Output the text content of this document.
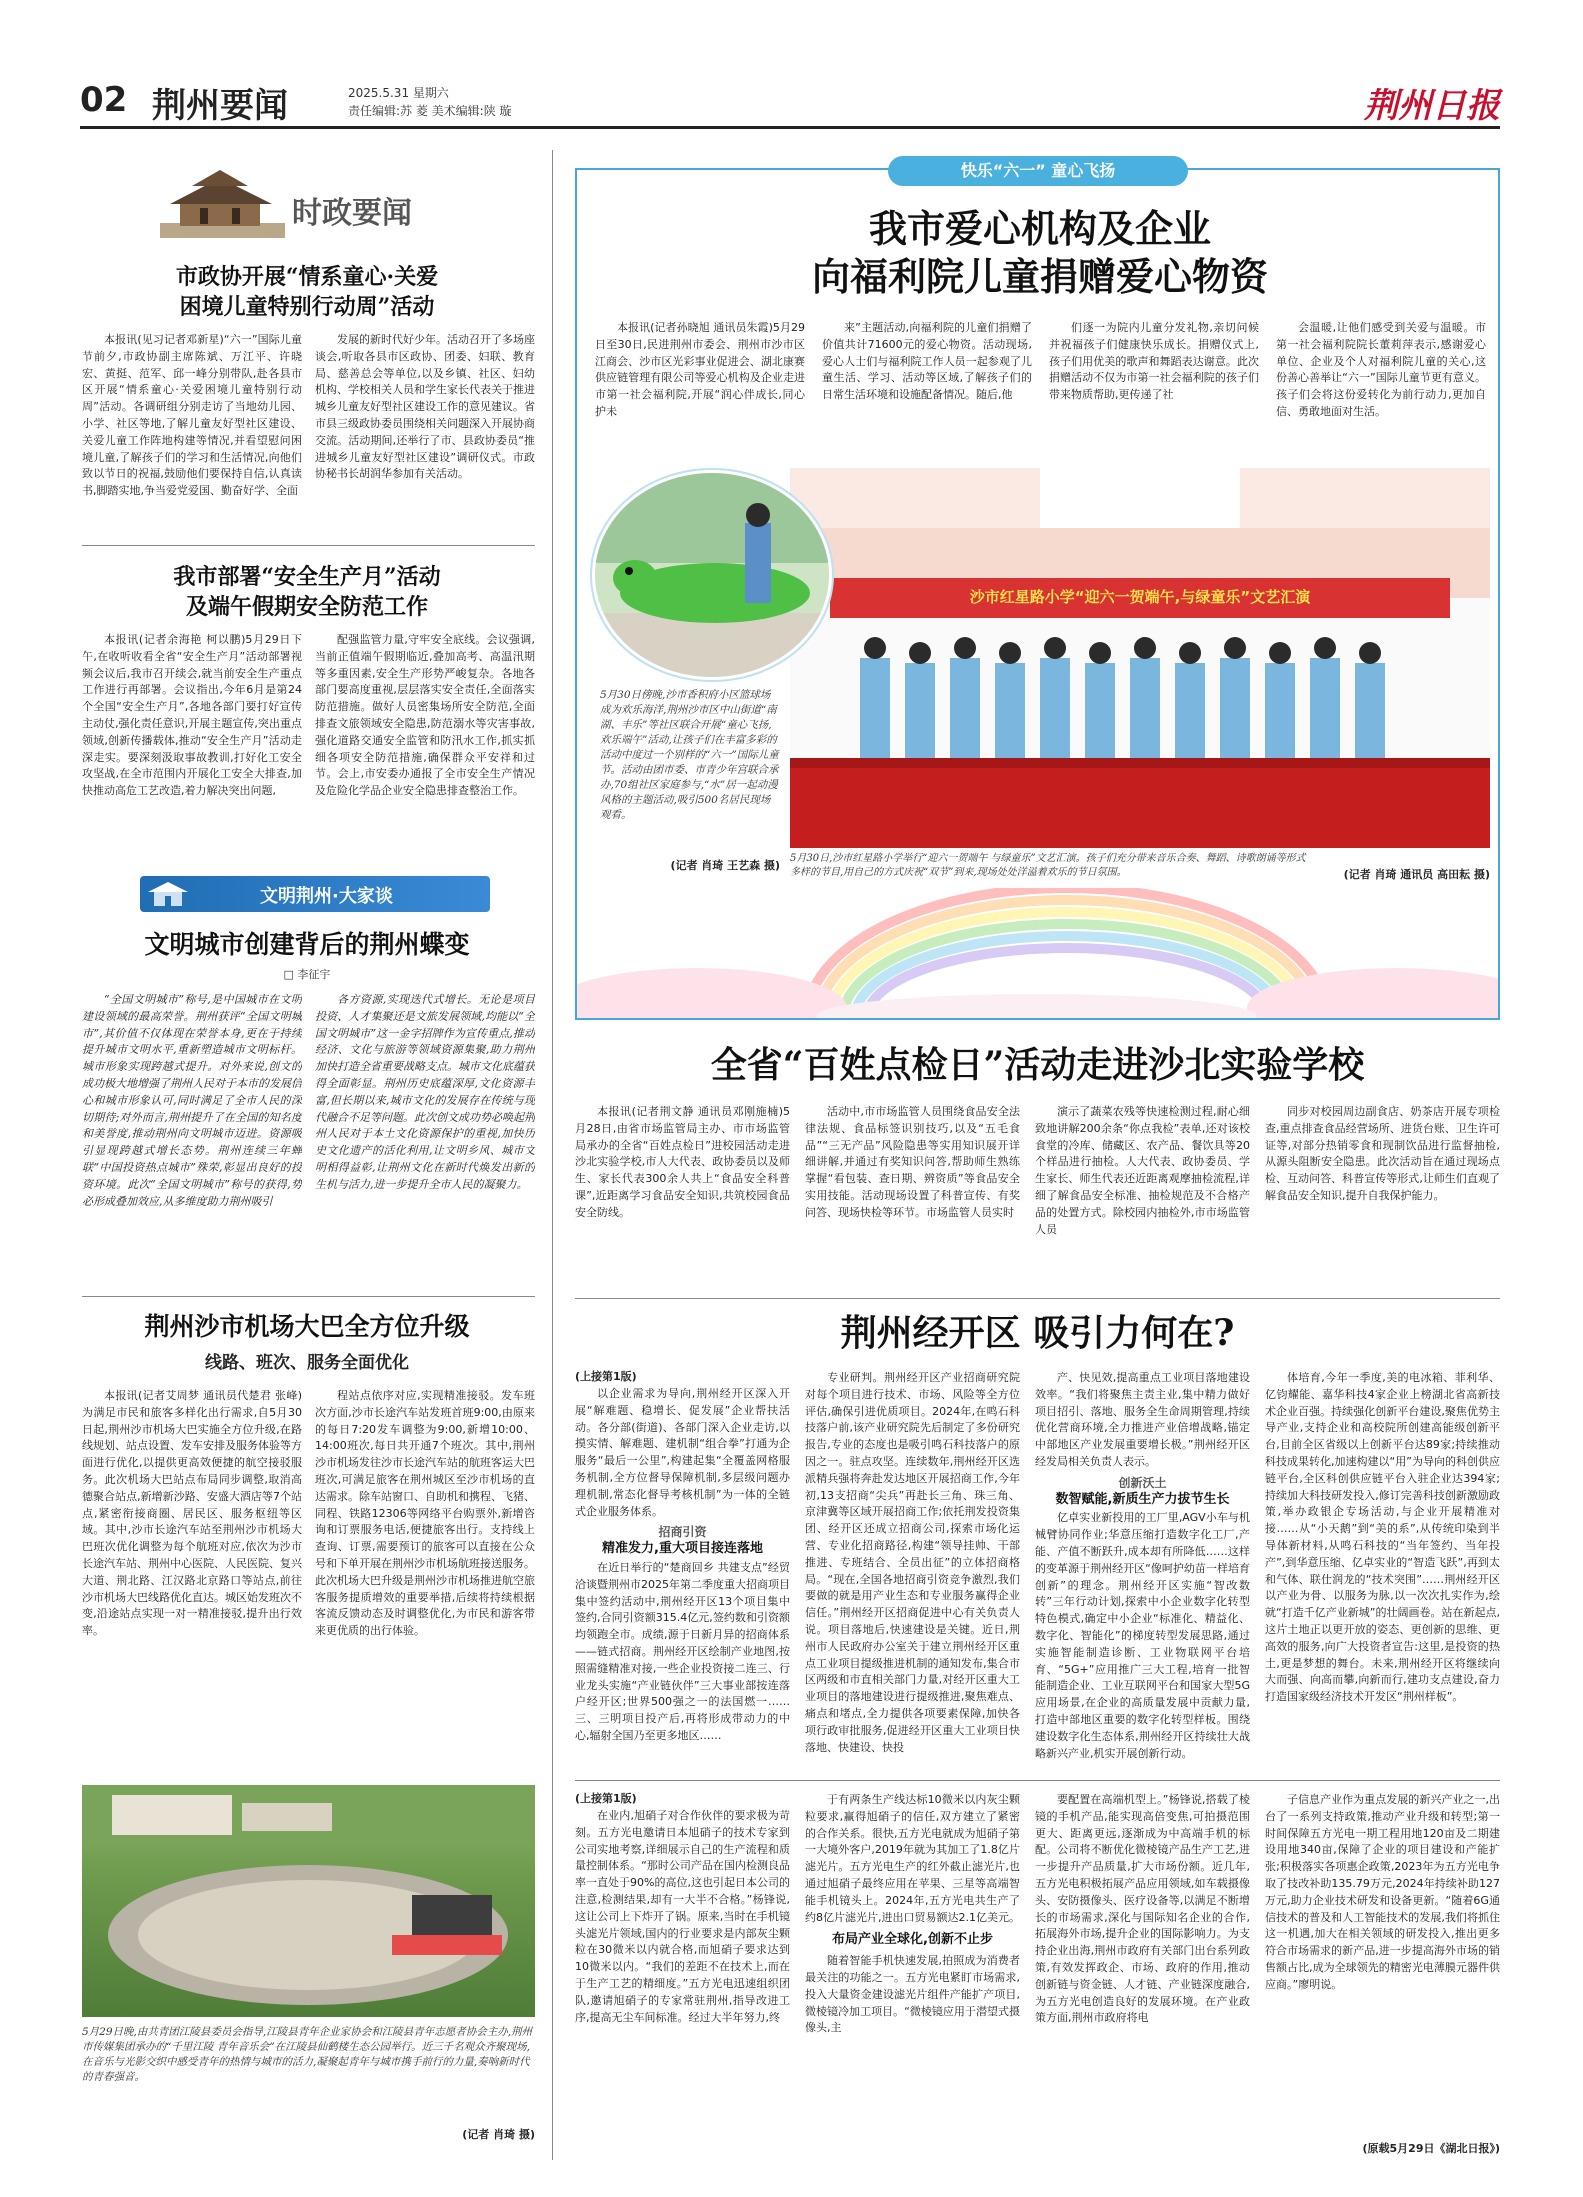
02 荆州要闻	2025.5.31 星期六
责任编辑:苏 菱 美术编辑:陕 璇	荆州日报
时政要闻
市政协开展“情系童心·关爱
困境儿童特别行动周”活动

本报讯(见习记者邓新星)“六一”国际儿童节前夕,市政协副主席陈斌、万江平、许晓宏、黄挺、范军、邱一峰分别带队,赴各县市区开展“情系童心·关爱困境儿童特别行动周”活动。各调研组分别走访了当地幼儿园、小学、社区等地,了解儿童友好型社区建设、关爱儿童工作阵地构建等情况,并看望慰问困境儿童,了解孩子们的学习和生活情况,向他们致以节日的祝福,鼓励他们要保持自信,认真读书,脚踏实地,争当爱党爱国、勤奋好学、全面

发展的新时代好少年。活动召开了多场座谈会,听取各县市区政协、团委、妇联、教育局、慈善总会等单位,以及乡镇、社区、妇幼机构、学校相关人员和学生家长代表关于推进城乡儿童友好型社区建设工作的意见建议。省市县三级政协委员围绕相关问题深入开展协商交流。活动期间,还举行了市、县政协委员“推进城乡儿童友好型社区建设”调研仪式。市政协秘书长胡润华参加有关活动。

我市部署“安全生产月”活动
及端午假期安全防范工作

本报讯(记者余海艳 柯以鹏)5月29日下午,在收听收看全省“安全生产月”活动部署视频会议后,我市召开续会,就当前安全生产重点工作进行再部署。会议指出,今年6月是第24个全国“安全生产月”,各地各部门要打好宣传主动仗,强化责任意识,开展主题宣传,突出重点领域,创新传播载体,推动“安全生产月”活动走深走实。要深刻汲取事故教训,打好化工安全攻坚战,在全市范围内开展化工安全大排查,加快推动高危工艺改造,着力解决突出问题,

配强监管力量,守牢安全底线。会议强调,当前正值端午假期临近,叠加高考、高温汛期等多重因素,安全生产形势严峻复杂。各地各部门要高度重视,层层落实安全责任,全面落实防范措施。做好人员密集场所安全防范,全面排查文旅领域安全隐患,防范溺水等灾害事故,强化道路交通安全监管和防汛水工作,抓实抓细各项安全防范措施,确保群众平安祥和过节。会上,市安委办通报了全市安全生产情况及危险化学品企业安全隐患排查整治工作。

文明荆州·大家谈
文明城市创建背后的荆州蝶变
□ 李征宇

“全国文明城市”称号,是中国城市在文明建设领域的最高荣誉。荆州获评“全国文明城市”,其价值不仅体现在荣誉本身,更在于持续提升城市文明水平,重新塑造城市文明标杆。城市形象实现跨越式提升。对外来说,创文的成功极大地增强了荆州人民对于本市的发展信心和城市形象认可,同时满足了全市人民的深切期待;对外而言,荆州提升了在全国的知名度和美誉度,推动荆州向文明城市迈进。资源吸引显现跨越式增长态势。荆州连续三年蝉联“中国投资热点城市”殊荣,彰显出良好的投资环境。此次“全国文明城市”称号的获得,势必形成叠加效应,从多维度助力荆州吸引

各方资源,实现迭代式增长。无论是项目投资、人才集聚还是文旅发展领域,均能以“全国文明城市”这一金字招牌作为宣传重点,推动经济、文化与旅游等领域资源集聚,助力荆州加快打造全省重要战略支点。城市文化底蕴获得全面彰显。荆州历史底蕴深厚,文化资源丰富,但长期以来,城市文化的发展存在传统与现代融合不足等问题。此次创文成功势必唤起荆州人民对于本土文化资源保护的重视,加快历史文化遗产的活化利用,让文明乡风、城市文明相得益彰,让荆州文化在新时代焕发出新的生机与活力,进一步提升全市人民的凝聚力。

荆州沙市机场大巴全方位升级
线路、班次、服务全面优化

本报讯(记者艾周梦 通讯员代楚君 张峰)为满足市民和旅客多样化出行需求,自5月30日起,荆州沙市机场大巴实施全方位升级,在路线规划、站点设置、发车安排及服务体验等方面进行优化,以提供更高效便捷的航空接驳服务。此次机场大巴站点布局同步调整,取消高德聚合站点,新增新沙路、安盛大酒店等7个站点,紧密衔接商圈、居民区、服务枢纽等区域。其中,沙市长途汽车站至荆州沙市机场大巴班次优化调整为每个航班对应,依次为沙市长途汽车站、荆州中心医院、人民医院、复兴大道、荆北路、江汉路北京路口等站点,前往沙市机场大巴线路优化直达。城区始发班次不变,沿途站点实现一对一精准接驳,提升出行效率。

程站点依序对应,实现精准接驳。发车班次方面,沙市长途汽车站发班首班9:00,由原来的每日7:20发车调整为9:00,新增10:00、14:00班次,每日共开通7个班次。其中,荆州沙市机场发往沙市长途汽车站的航班客运大巴班次,可满足旅客在荆州城区至沙市机场的直达需求。除车站窗口、自助机和携程、飞猪、同程、铁路12306等网络平台购票外,新增咨询和订票服务电话,便捷旅客出行。支持线上查询、订票,需要预订的旅客可以直接在公众号和下单开展在荆州沙市机场航班接送服务。此次机场大巴升级是荆州沙市机场推进航空旅客服务提质增效的重要举措,后续将持续根据客流反馈动态及时调整优化,为市民和游客带来更优质的出行体验。

5月29日晚,由共青团江陵县委员会指导,江陵县青年企业家协会和江陵县青年志愿者协会主办,荆州市传媒集团承办的“千里江陵 青年音乐会”在江陵县仙鹤楼生态公园举行。近三千名观众齐聚现场,在音乐与光影交织中感受青年的热情与城市的活力,凝聚起青年与城市携手前行的力量,奏响新时代的青春强音。
(记者 肖琦 摄)
快乐“六一” 童心飞扬
我市爱心机构及企业
向福利院儿童捐赠爱心物资

本报讯(记者孙晓旭 通讯员朱霞)5月29日至30日,民进荆州市委会、荆州市沙市区江商会、沙市区光彩事业促进会、湖北康赛供应链管理有限公司等爱心机构及企业走进市第一社会福利院,开展“润心伴成长,同心护未

来”主题活动,向福利院的儿童们捐赠了价值共计71600元的爱心物资。活动现场,爱心人士们与福利院工作人员一起参观了儿童生活、学习、活动等区域,了解孩子们的日常生活环境和设施配备情况。随后,他

们逐一为院内儿童分发礼物,亲切问候并祝福孩子们健康快乐成长。捐赠仪式上,孩子们用优美的歌声和舞蹈表达谢意。此次捐赠活动不仅为市第一社会福利院的孩子们带来物质帮助,更传递了社

会温暖,让他们感受到关爱与温暖。市第一社会福利院院长董莉萍表示,感谢爱心单位、企业及个人对福利院儿童的关心,这份善心善举让“六一”国际儿童节更有意义。孩子们会将这份爱转化为前行动力,更加自信、勇敢地面对生活。

沙市红星路小学“迎六一贺端午,与绿童乐”文艺汇演
5月30日傍晚,沙市香积府小区篮球场成为欢乐海洋,荆州沙市区中山街道“南湖、丰乐”等社区联合开展“童心飞扬,欢乐端午”活动,让孩子们在丰富多彩的活动中度过一个别样的“六一”国际儿童节。活动由团市委、市青少年宫联合承办,70组社区家庭参与,“水”居一起动漫风格的主题活动,吸引500名居民现场观看。
(记者 肖琦 王艺森 摄)
5月30日,沙市红星路小学举行“迎六一贺端午 与绿童乐”文艺汇演。孩子们充分带来音乐合奏、舞蹈、诗歌朗诵等形式多样的节目,用自己的方式庆祝“双节”到来,现场处处洋溢着欢乐的节日氛围。	(记者 肖琦 通讯员 高田耘 摄)
全省“百姓点检日”活动走进沙北实验学校

本报讯(记者荆文静 通讯员邓刚施楠)5月28日,由省市场监管局主办、市市场监管局承办的全省“百姓点检日”进校园活动走进沙北实验学校,市人大代表、政协委员以及师生、家长代表300余人共上“食品安全科普课”,近距离学习食品安全知识,共筑校园食品安全防线。

活动中,市市场监管人员围绕食品安全法律法规、食品标签识别技巧,以及“五毛食品”“三无产品”风险隐患等实用知识展开详细讲解,并通过有奖知识问答,帮助师生熟练掌握“看包装、查日期、辨资质”等食品安全实用技能。活动现场设置了科普宣传、有奖问答、现场快检等环节。市场监管人员实时

演示了蔬菜农残等快速检测过程,耐心细致地讲解200余条“你点我检”表单,还对该校食堂的冷库、储藏区、农产品、餐饮具等20个样品进行抽检。人大代表、政协委员、学生家长、师生代表还近距离观摩抽检流程,详细了解食品安全标准、抽检规范及不合格产品的处置方式。除校园内抽检外,市市场监管人员

同步对校园周边副食店、奶茶店开展专项检查,重点排查食品经营场所、进货台账、卫生许可证等,对部分热销零食和现制饮品进行监督抽检,从源头阻断安全隐患。此次活动旨在通过现场点检、互动问答、科普宣传等形式,让师生们直观了解食品安全知识,提升自我保护能力。

荆州经开区 吸引力何在?
(上接第1版)

以企业需求为导向,荆州经开区深入开展“解难题、稳增长、促发展”企业帮扶活动。各分部(街道)、各部门深入企业走访,以摸实情、解难题、建机制“组合拳”打通为企服务“最后一公里”,构建起集“全覆盖网格服务机制,全方位督导保障机制,多层级问题办理机制,常态化督导考核机制”为一体的全链式企业服务体系。

招商引资
精准发力,重大项目接连落地

在近日举行的“楚商回乡 共建支点”经贸洽谈暨荆州市2025年第二季度重大招商项目集中签约活动中,荆州经开区13个项目集中签约,合同引资额315.4亿元,签约数和引资额均领跑全市。成绩,源于日新月异的招商体系——链式招商。荆州经开区绘制产业地图,按照需缝精准对接,一些企业投资接二连三、行业龙头实施“产业链伙伴”三大事业部按连落户经开区;世界500强之一的法国燃一……三、三明项目投产后,再将形成带动力的中心,辐射全国乃至更多地区……

专业研判。荆州经开区产业招商研究院对每个项目进行技术、市场、风险等全方位评估,确保引进优质项目。2024年,在鸣石科技落户前,该产业研究院先后制定了多份研究报告,专业的态度也是吸引鸣石科技落户的原因之一。驻点攻坚。连续数年,荆州经开区选派精兵强将奔赴发达地区开展招商工作,今年初,13支招商“尖兵”再赴长三角、珠三角、京津冀等区域开展招商工作;依托荆发投资集团、经开区还成立招商公司,探索市场化运营、专业化招商路径,构建“领导挂帅、干部推进、专班结合、全员出征”的立体招商格局。“现在,全国各地招商引资竞争激烈,我们要做的就是用产业生态和专业服务赢得企业信任。”荆州经开区招商促进中心有关负责人说。项目落地后,快速建设是关键。近日,荆州市人民政府办公室关于建立荆州经开区重点工业项目提级推进机制的通知发布,集合市区两级和市直相关部门力量,对经开区重大工业项目的落地建设进行提级推进,聚焦难点、痛点和堵点,全力提供各项要素保障,加快各项行政审批服务,促进经开区重大工业项目快落地、快建设、快投

产、快见效,提高重点工业项目落地建设效率。“我们将聚焦主责主业,集中精力做好项目招引、落地、服务全生命周期管理,持续优化营商环境,全力推进产业倍增战略,锚定中部地区产业发展重要增长极。”荆州经开区经发局相关负责人表示。

创新沃土
数智赋能,新质生产力拔节生长

亿卓实业新投用的工厂里,AGV小车与机械臂协同作业;华意压缩打造数字化工厂,产能、产值不断跃升,成本却有所降低……这样的变革源于荆州经开区“像呵护幼苗一样培育创新”的理念。荆州经开区实施“智改数转”三年行动计划,探索中小企业数字化转型特色模式,确定中小企业“标准化、精益化、数字化、智能化”的梯度转型发展思路,通过实施智能制造诊断、工业物联网平台培育、“5G+”应用推广三大工程,培育一批智能制造企业、工业互联网平台和国家大型5G应用场景,在企业的高质量发展中贡献力量,打造中部地区重要的数字化转型样板。围绕建设数字化生态体系,荆州经开区持续壮大战略新兴产业,机实开展创新行动。

体培育,今年一季度,美的电冰箱、菲利华、亿钧耀能、嘉华科技4家企业上榜湖北省高新技术企业百强。持续强化创新平台建设,聚焦优势主导产业,支持企业和高校院所创建高能级创新平台,目前全区省级以上创新平台达89家;持续推动科技成果转化,加速构建以“用”为导向的科创供应链平台,全区科创供应链平台入驻企业达394家;持续加大科技研发投入,修订完善科技创新激励政策,举办政银企专场活动,与企业开展精准对接……从“小天鹅”到“美的系”,从传统印染到半导体新材料,从鸣石科技的“当年签约、当年投产”,到华意压缩、亿卓实业的“智造飞跃”,再到太和气体、联仕润龙的“技术突围”……荆州经开区以产业为骨、以服务为脉,以一次次扎实作为,绘就“打造千亿产业新城”的壮阔画卷。站在新起点,这片土地正以更开放的姿态、更创新的思维、更高效的服务,向广大投资者宣告:这里,是投资的热土,更是梦想的舞台。未来,荆州经开区将继续向大而强、向高而攀,向新而行,建功支点建设,奋力打造国家级经济技术开发区“荆州样板”。

(上接第1版)

在业内,旭硝子对合作伙伴的要求极为苛刻。五方光电邀请日本旭硝子的技术专家到公司实地考察,详细展示自己的生产流程和质量控制体系。“那时公司产品在国内检测良品率一直处于90%的高位,这也引起日本公司的注意,检测结果,却有一大半不合格。”杨锋说,这让公司上下炸开了锅。原来,当时在手机镜头滤光片领域,国内的行业要求是内部灰尘颗粒在30微米以内就合格,而旭硝子要求达到10微米以内。“我们的差距不在技术上,而在于生产工艺的精细度。”五方光电迅速组织团队,邀请旭硝子的专家常驻荆州,指导改进工序,提高无尘车间标准。经过大半年努力,终

于有两条生产线达标10微米以内灰尘颗粒要求,赢得旭硝子的信任,双方建立了紧密的合作关系。很快,五方光电就成为旭硝子第一大境外客户,2019年就为其加工了1.8亿片滤光片。五方光电生产的红外截止滤光片,也通过旭硝子最终应用在苹果、三星等高端智能手机镜头上。2024年,五方光电共生产了约8亿片滤光片,进出口贸易额达2.1亿美元。

布局产业全球化,创新不止步

随着智能手机快速发展,拍照成为消费者最关注的功能之一。五方光电紧盯市场需求,投入大量资金建设滤光片组件产能扩产项目,微棱镜冷加工项目。“微棱镜应用于潜望式摄像头,主

要配置在高端机型上。”杨锋说,搭载了棱镜的手机产品,能实现高倍变焦,可拍摄范围更大、距离更远,逐渐成为中高端手机的标配。公司将不断优化微棱镜产品生产工艺,进一步提升产品质量,扩大市场份额。近几年,五方光电积极拓展产品应用领域,如车载摄像头、安防摄像头、医疗设备等,以满足不断增长的市场需求,深化与国际知名企业的合作,拓展海外市场,提升企业的国际影响力。为支持企业出海,荆州市政府有关部门出台系列政策,有效发挥政企、市场、政府的作用,推动创新链与资金链、人才链、产业链深度融合,为五方光电创造良好的发展环境。在产业政策方面,荆州市政府将电

子信息产业作为重点发展的新兴产业之一,出台了一系列支持政策,推动产业升级和转型;第一时间保障五方光电一期工程用地120亩及二期建设用地340亩,保障了企业的项目建设和产能扩张;积极落实各项惠企政策,2023年为五方光电争取了技改补助135.79万元,2024年持续补助127万元,助力企业技术研发和设备更新。“随着6G通信技术的普及和人工智能技术的发展,我们将抓住这一机遇,加大在相关领域的研发投入,推出更多符合市场需求的新产品,进一步提高海外市场的销售额占比,成为全球领先的精密光电薄膜元器件供应商。”廖明说。

(原载5月29日《湖北日报》)
